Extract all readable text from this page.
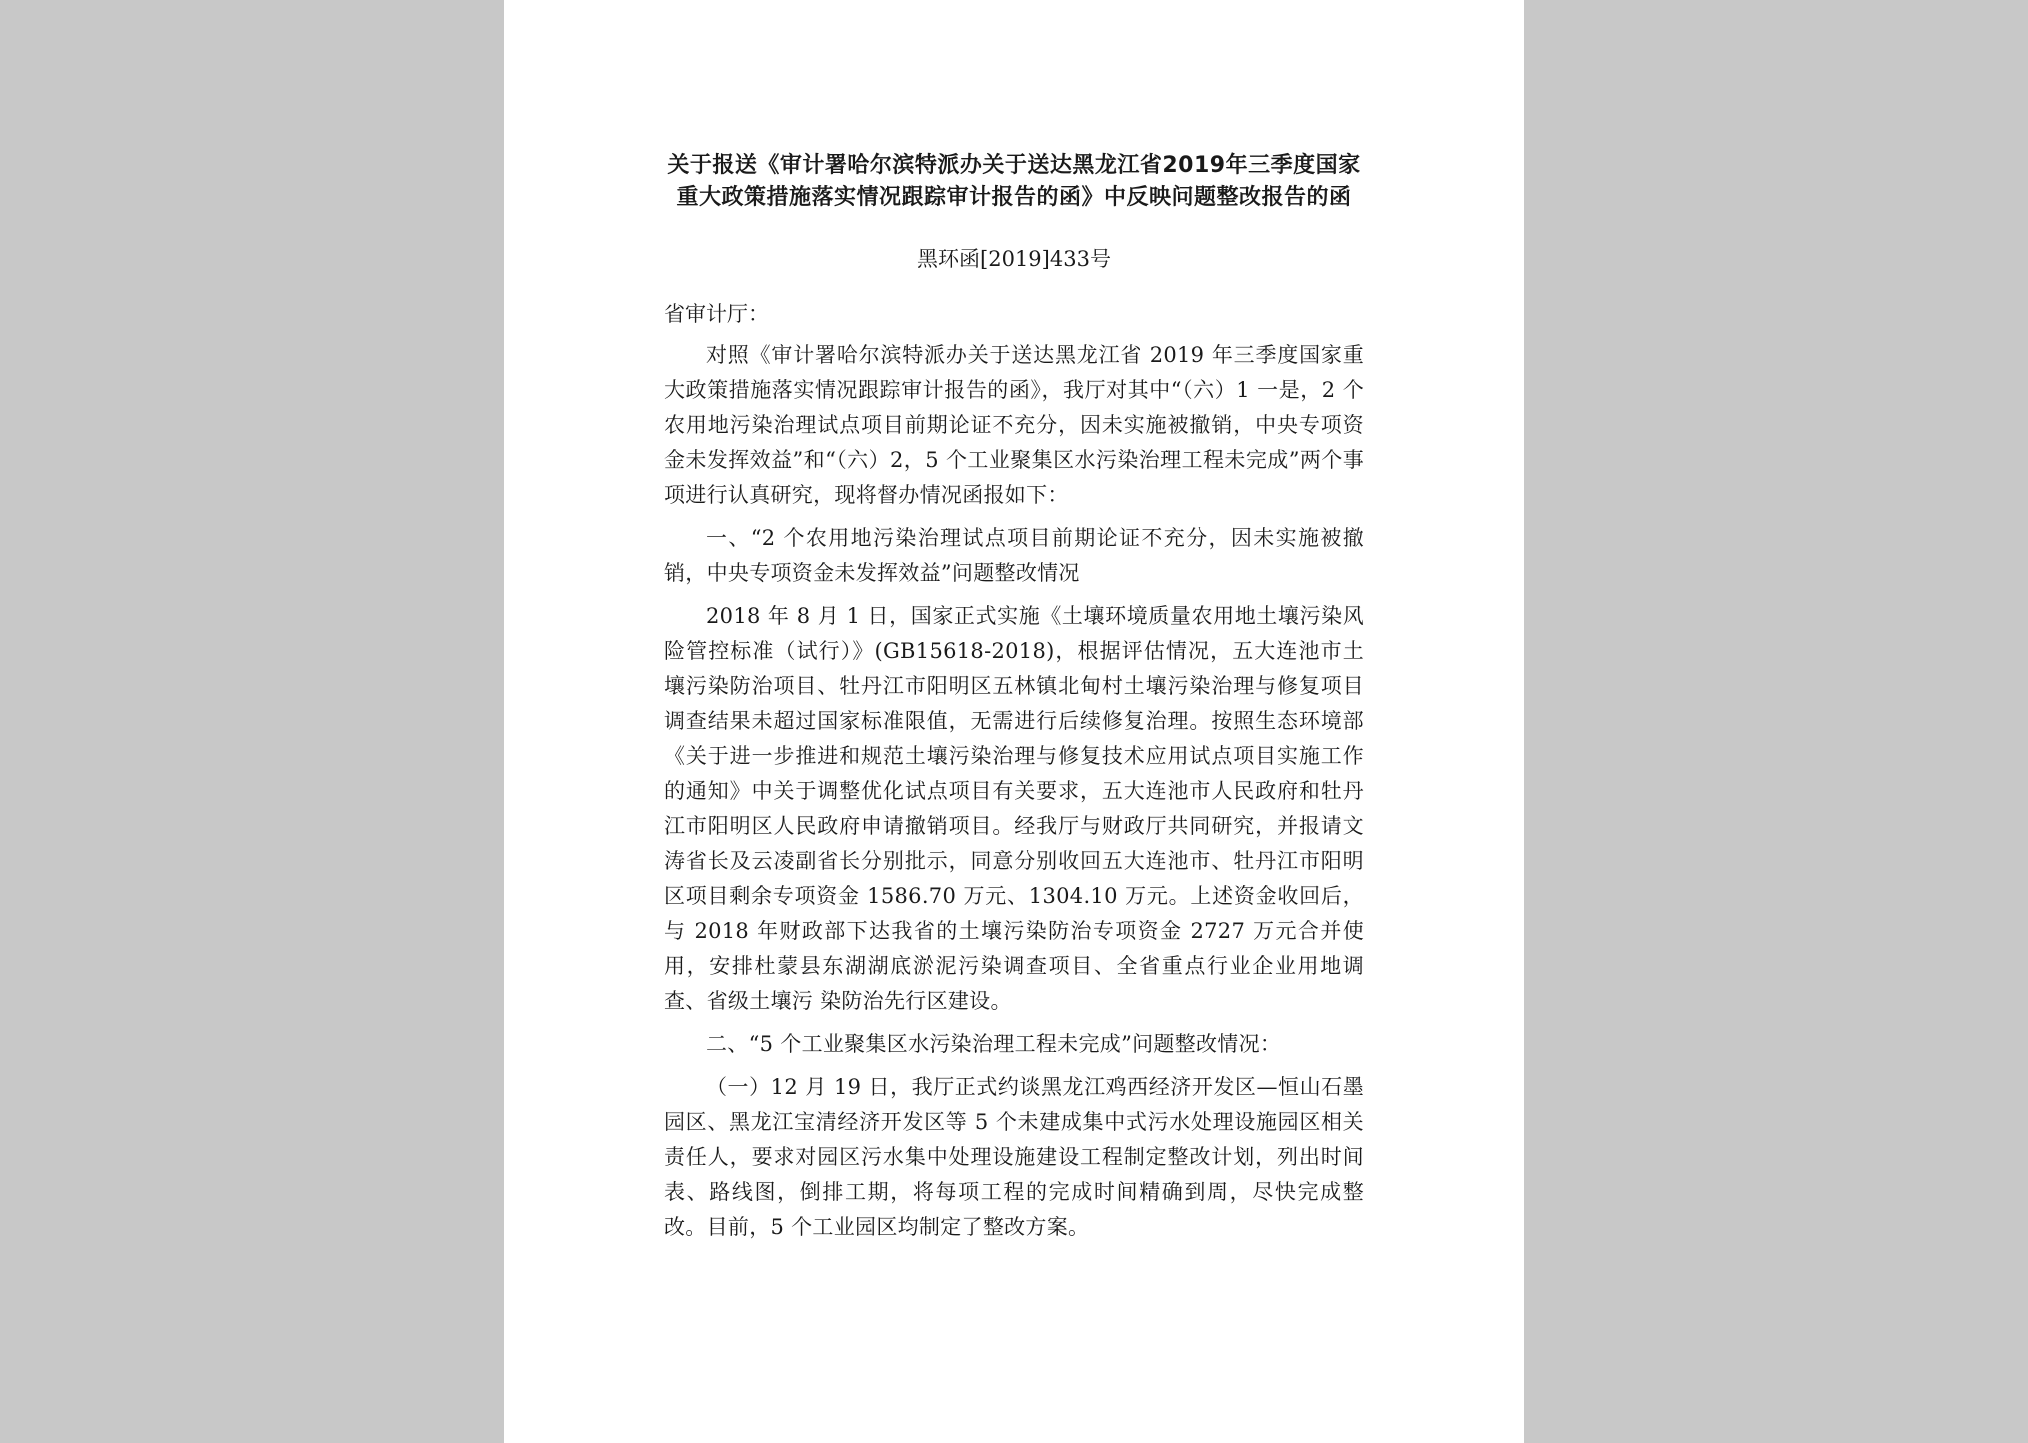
关于报送《审计署哈尔滨特派办关于送达黑龙江省2019年三季度国家重大政策措施落实情况跟踪审计报告的函》中反映问题整改报告的函
黑环函[2019]433号
省审计厅：

对照《审计署哈尔滨特派办关于送达黑龙江省 2019 年三季度国家重大政策措施落实情况跟踪审计报告的函》，我厅对其中“（六）1 一是，2 个农用地污染治理试点项目前期论证不充分，因未实施被撤销，中央专项资金未发挥效益”和“（六）2，5 个工业聚集区水污染治理工程未完成”两个事项进行认真研究，现将督办情况函报如下：

一、“2 个农用地污染治理试点项目前期论证不充分，因未实施被撤销，中央专项资金未发挥效益”问题整改情况

2018 年 8 月 1 日，国家正式实施《土壤环境质量农用地土壤污染风险管控标准（试行）》(GB15618-2018)，根据评估情况，五大连池市土壤污染防治项目、牡丹江市阳明区五林镇北甸村土壤污染治理与修复项目调查结果未超过国家标准限值，无需进行后续修复治理。按照生态环境部《关于进一步推进和规范土壤污染治理与修复技术应用试点项目实施工作的通知》中关于调整优化试点项目有关要求，五大连池市人民政府和牡丹江市阳明区人民政府申请撤销项目。经我厅与财政厅共同研究，并报请文涛省长及云凌副省长分别批示，同意分别收回五大连池市、牡丹江市阳明区项目剩余专项资金 1586.70 万元、1304.10 万元。上述资金收回后，与 2018 年财政部下达我省的土壤污染防治专项资金 2727 万元合并使用，安排杜蒙县东湖湖底淤泥污染调查项目、全省重点行业企业用地调查、省级土壤污 染防治先行区建设。

二、“5 个工业聚集区水污染治理工程未完成”问题整改情况：

（一）12 月 19 日，我厅正式约谈黑龙江鸡西经济开发区—恒山石墨园区、黑龙江宝清经济开发区等 5 个未建成集中式污水处理设施园区相关责任人，要求对园区污水集中处理设施建设工程制定整改计划，列出时间表、路线图，倒排工期，将每项工程的完成时间精确到周，尽快完成整改。目前，5 个工业园区均制定了整改方案。
